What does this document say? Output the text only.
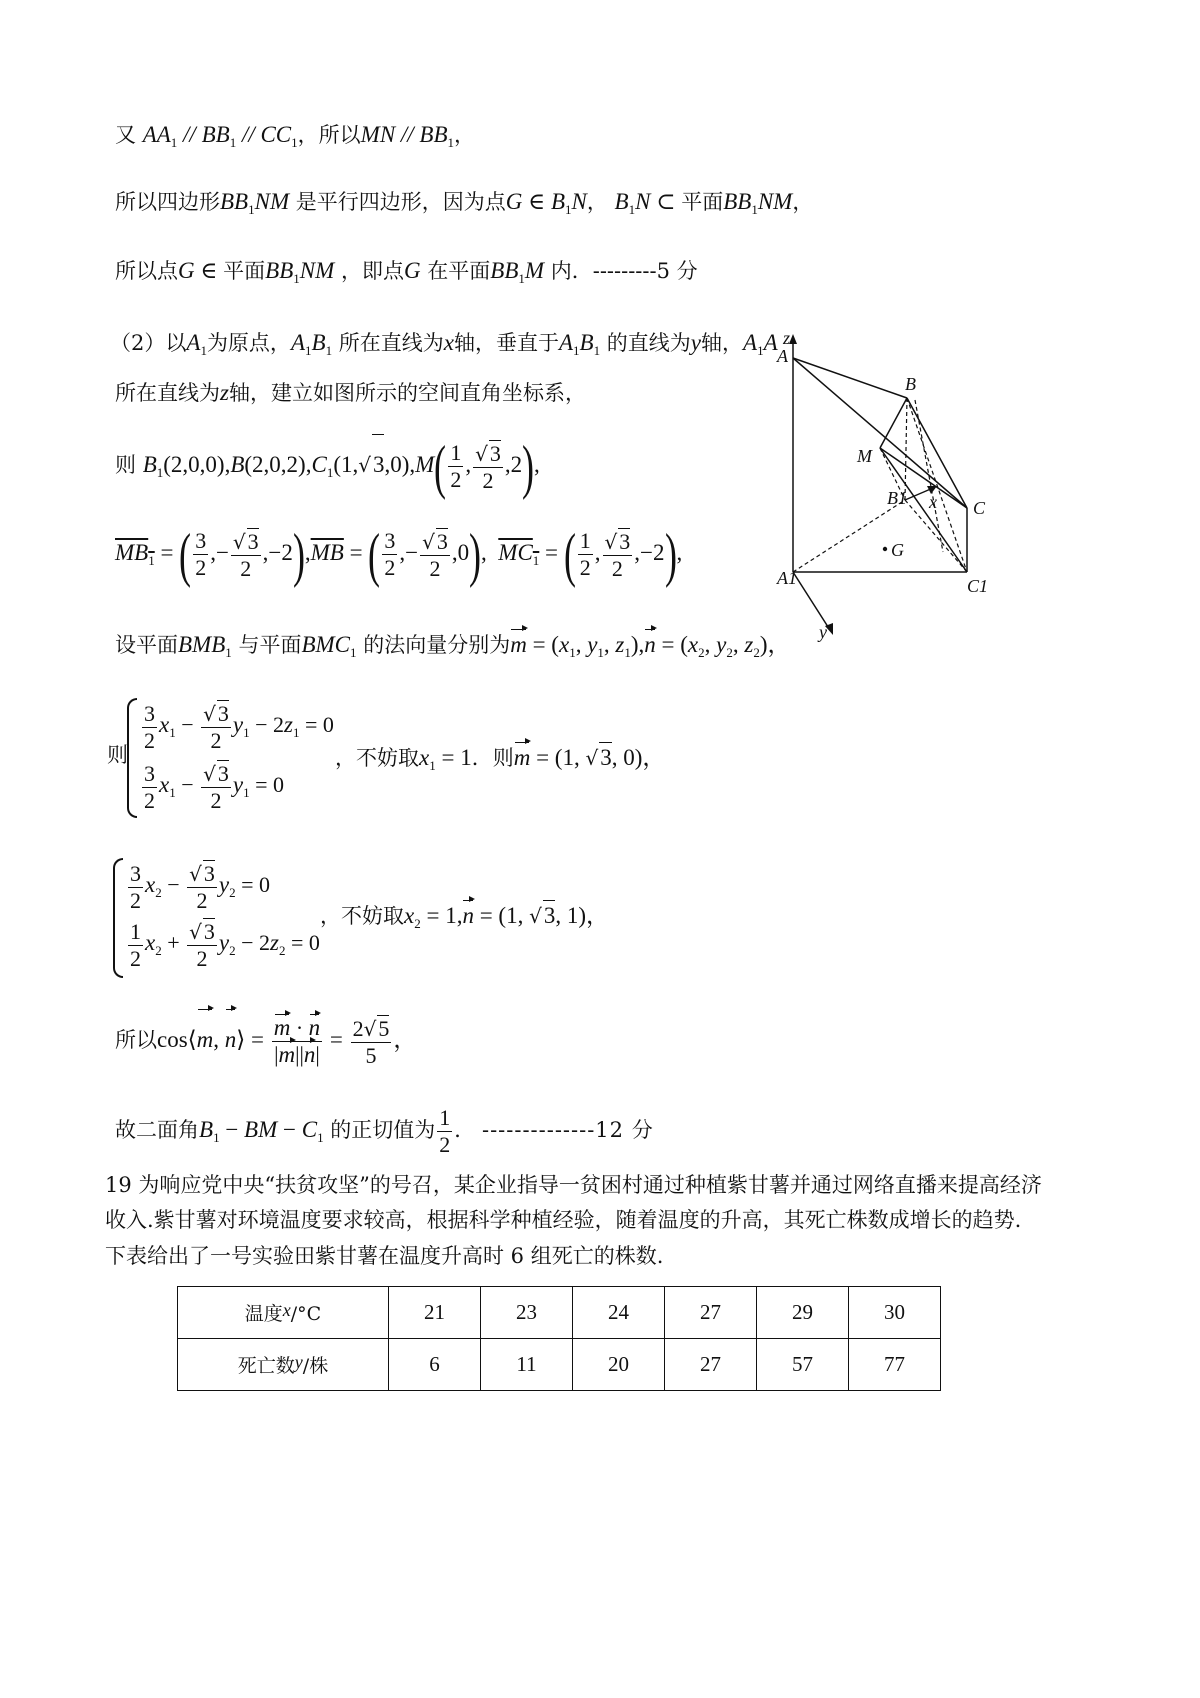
又 $AA_1 // BB_1 // CC_1$，所以MN // $BB_1$，
所以四边形$BB_1NM$ 是平行四边形，因为点G ∈ $B_1N$， $B_1N$ ⊂ 平面$BB_1NM$，
所以点G ∈ 平面$BB_1NM$ ，即点G 在平面$BB_1M$ 内．---------5 分
（2）以$A_1$为原点，$A_1B_1$ 所在直线为x轴，垂直于$A_1B_1$ 的直线为y轴，$A_1A$
所在直线为z轴，建立如图所示的空间直角坐标系，
则 $B_1(2,0,0),B(2,0,2),C_1(1,√3,0),M( \frac{1}{2}$ , $\frac{√3}{2} ,2$),
$MB_1$ = ( $\frac{3}{2}$ ,− $\frac{√3}{2} ,-2),\overline{MB}$ = ( $\frac{3}{2}$ ,− $\frac{√3}{2} ,0$),  $MC_1$ = ( $\frac{1}{2}$ , $\frac{√3}{2} ,-2$),
设平面$BMB_1$ 与平面$BMC_1$ 的法向量分别为$m = (x_1$, $y_1$, $z_1),n = (x_2$, $y_2$, $z_2$)，
则
$\frac{3}{2} x_1 - \frac{√3}{2} y_1 - 2z_1 = 0$
$\frac{3}{2} x_1 - \frac{√3}{2} y_1 = 0$
，不妨取$x_1 = 1$．则m = (1, √3, 0)，
$\frac{3}{2} x_2 - \frac{√3}{2} y_2 = 0$
$\frac{1}{2} x_2 + \frac{√3}{2} y_2 - 2z_2 = 0$
，不妨取$x_2 = 1,n = (1$, √3, 1)，
所以cos⟨m, n⟩ = $\frac{m \cdot n}{|m||n|} = \frac{2√5}{5}$ ，
故二面角$B_1$ − BM − $C_1$ 的正切值为 $\frac{1}{2}$ ． --------------12 分
19 为响应党中央“扶贫攻坚”的号召，某企业指导一贫困村通过种植紫甘薯并通过网络直播来提高经济
收入.紫甘薯对环境温度要求较高，根据科学种植经验，随着温度的升高，其死亡株数成增长的趋势.
下表给出了一号实验田紫甘薯在温度升高时 6 组死亡的株数.
温度x/°C	21	23	24	27	29	30
死亡数y/株	6	11	20	27	57	77
z
A
B
M
B1 x C
G
A1	C1
y
